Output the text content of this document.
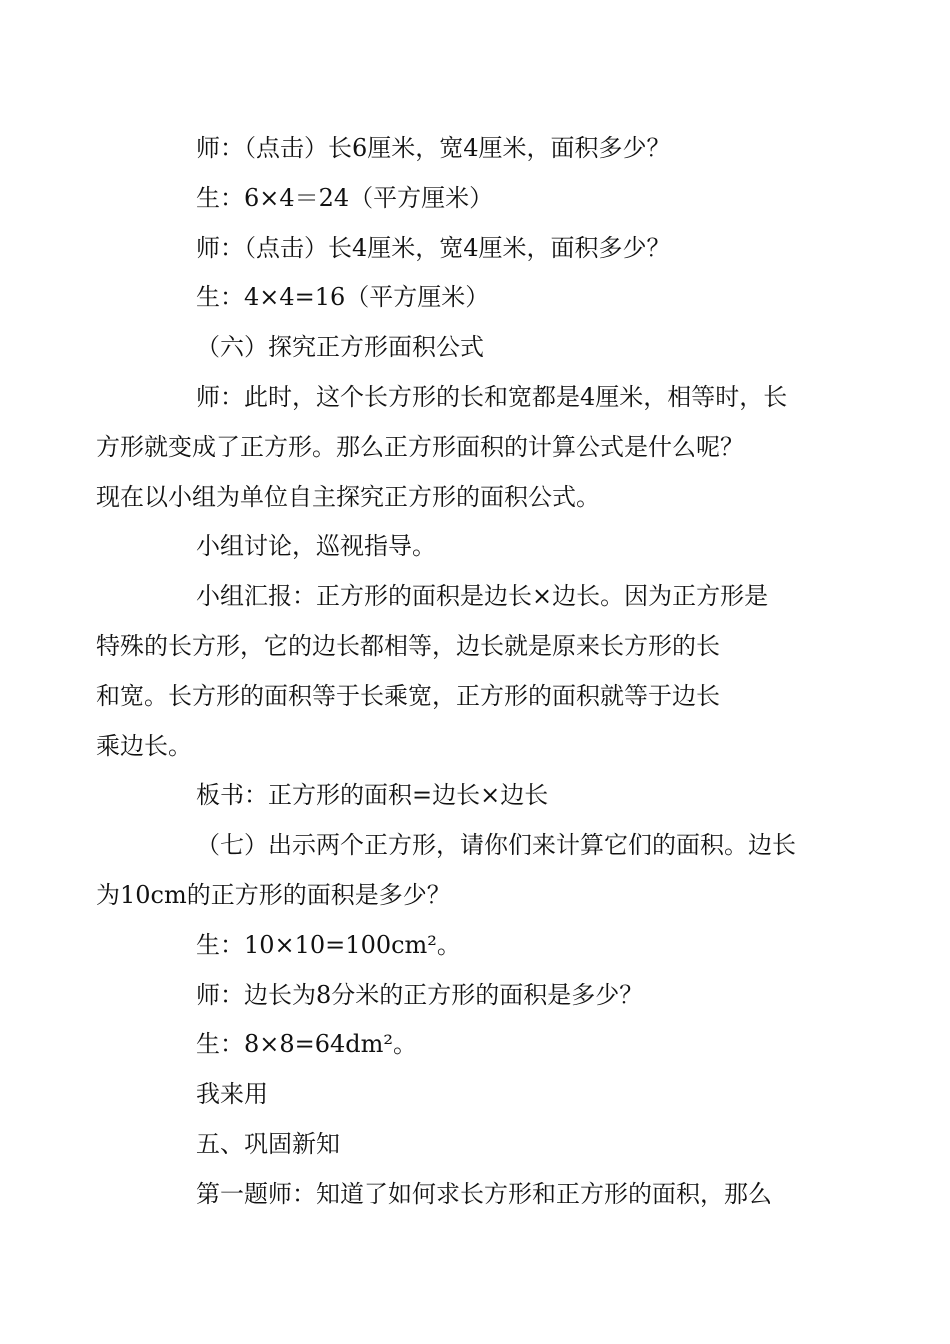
师：（点击）长6厘米，宽4厘米，面积多少？

生：6×4＝24（平方厘米）

师：（点击）长4厘米，宽4厘米，面积多少？

生：4×4=16（平方厘米）

（六）探究正方形面积公式

师：此时，这个长方形的长和宽都是4厘米，相等时，长
方形就变成了正方形。那么正方形面积的计算公式是什么呢？
现在以小组为单位自主探究正方形的面积公式。

小组讨论，巡视指导。

小组汇报：正方形的面积是边长×边长。因为正方形是
特殊的长方形，它的边长都相等，边长就是原来长方形的长
和宽。长方形的面积等于长乘宽，正方形的面积就等于边长
乘边长。

板书：正方形的面积=边长×边长

（七）出示两个正方形，请你们来计算它们的面积。边长
为10cm的正方形的面积是多少？

生：10×10=100cm²。

师：边长为8分米的正方形的面积是多少？

生：8×8=64dm²。

我来用

五、巩固新知

第一题师：知道了如何求长方形和正方形的面积，那么
